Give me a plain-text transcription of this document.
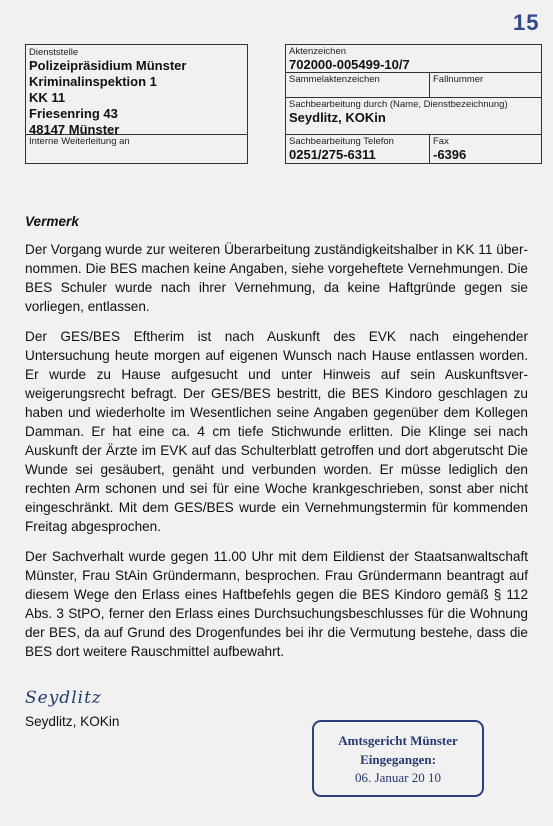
15
Dienststelle
Polizeipräsidium Münster
Kriminalinspektion 1
KK 11
Friesenring 43
48147 Münster
Interne Weiterleitung an
Aktenzeichen
702000-005499-10/7
Sammelaktenzeichen	Fallnummer
Sachbearbeitung durch (Name, Dienstbezeichnung)
Seydlitz, KOKin
Sachbearbeitung Telefon
0251/275-6311
Fax
-6396
Vermerk

Der Vorgang wurde zur weiteren Überarbeitung zuständigkeitshalber in KK 11 übernommen. Die BES machen keine Angaben, siehe vorgeheftete Vernehmungen. Die BES Schuler wurde nach ihrer Vernehmung, da keine Haftgründe gegen sie vorliegen, entlassen.

Der GES/BES Eftherim ist nach Auskunft des EVK nach eingehender Untersuchung heute morgen auf eigenen Wunsch nach Hause entlassen worden. Er wurde zu Hause aufgesucht und unter Hinweis auf sein Auskunftsverweigerungsrecht befragt. Der GES/BES bestritt, die BES Kindoro geschlagen zu haben und wiederholte im Wesentlichen seine Angaben gegenüber dem Kollegen Damman. Er hat eine ca. 4 cm tiefe Stichwunde erlitten. Die Klinge sei nach Auskunft der Ärzte im EVK auf das Schulterblatt getroffen und dort abgerutscht Die Wunde sei gesäubert, genäht und verbunden worden. Er müsse lediglich den rechten Arm schonen und sei für eine Woche krankgeschrieben, sonst aber nicht eingeschränkt. Mit dem GES/BES wurde ein Vernehmungstermin für kommenden Freitag abgesprochen.

Der Sachverhalt wurde gegen 11.00 Uhr mit dem Eildienst der Staatsanwaltschaft Münster, Frau StAin Gründermann, besprochen. Frau Gründermann beantragt auf diesem Wege den Erlass eines Haftbefehls gegen die BES Kindoro gemäß § 112 Abs. 3 StPO, ferner den Erlass eines Durchsuchungsbeschlusses für die Wohnung der BES, da auf Grund des Drogenfundes bei ihr die Vermutung bestehe, dass die BES dort weitere Rauschmittel aufbewahrt.

Seydlitz
Seydlitz, KOKin
Amtsgericht Münster
Eingegangen:
06. Januar 20 10
